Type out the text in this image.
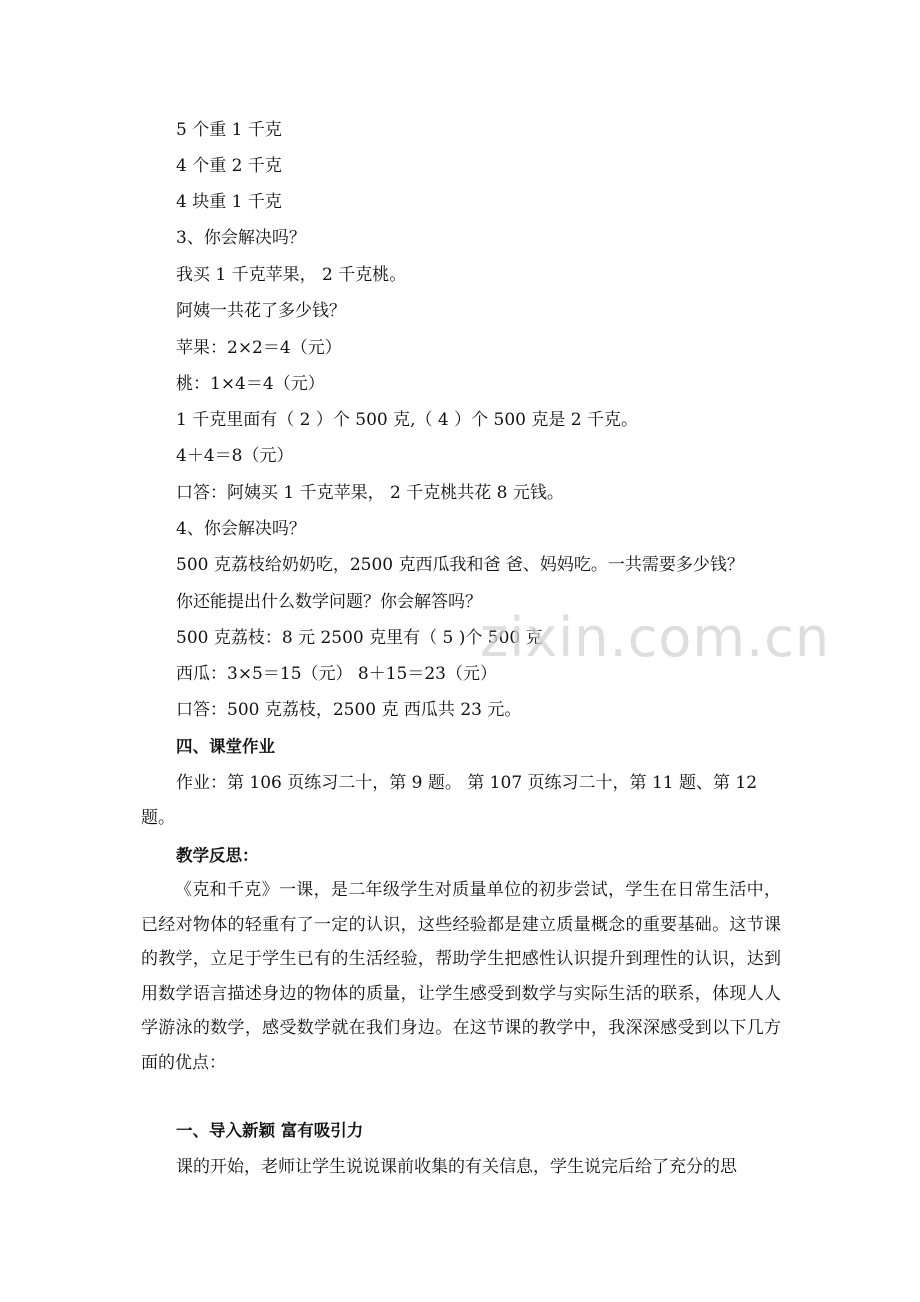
5 个重 1 千克
4 个重 2 千克
4 块重 1 千克
3、你会解决吗？
我买 1 千克苹果， 2 千克桃。
阿姨一共花了多少钱？
苹果：2×2＝4（元）
桃：1×4＝4（元）
1 千克里面有（ 2 ）个 500 克,（ 4 ）个 500 克是 2 千克。
4＋4＝8（元）
口答：阿姨买 1 千克苹果， 2 千克桃共花 8 元钱。
4、你会解决吗？
500 克荔枝给奶奶吃，2500 克西瓜我和爸 爸、妈妈吃。一共需要多少钱？
你还能提出什么数学问题？你会解答吗？
500 克荔枝：8 元 2500 克里有（ 5 )个 500 克
西瓜：3×5＝15（元） 8＋15＝23（元）
口答：500 克荔枝，2500 克 西瓜共 23 元。
四、课堂作业
作业：第 106 页练习二十，第 9 题。 第 107 页练习二十，第 11 题、第 12
题。
教学反思：
《克和千克》一课，是二年级学生对质量单位的初步尝试，学生在日常生活中，已经对物体的轻重有了一定的认识，这些经验都是建立质量概念的重要基础。这节课的教学，立足于学生已有的生活经验，帮助学生把感性认识提升到理性的认识，达到用数学语言描述身边的物体的质量，让学生感受到数学与实际生活的联系，体现人人学游泳的数学，感受数学就在我们身边。在这节课的教学中，我深深感受到以下几方面的优点：
一、导入新颖 富有吸引力
课的开始，老师让学生说说课前收集的有关信息，学生说完后给了充分的思
zixin.com.cn
